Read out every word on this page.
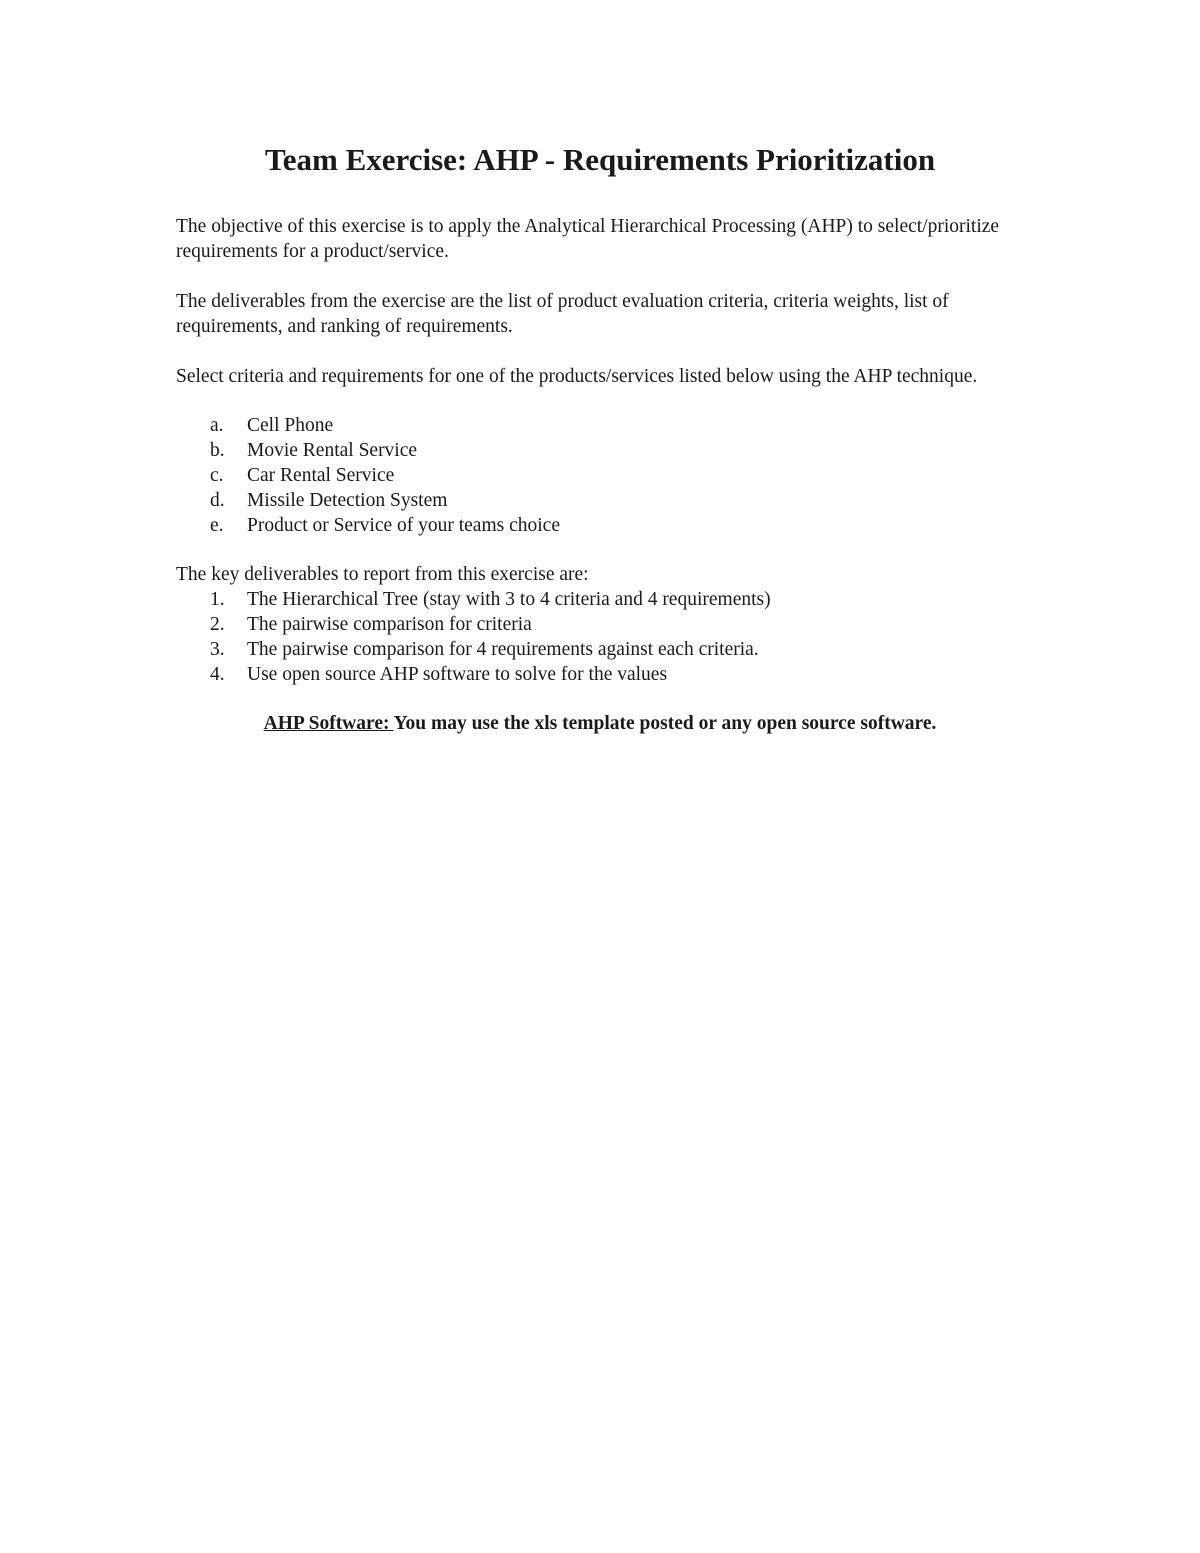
Team Exercise: AHP - Requirements Prioritization

The objective of this exercise is to apply the Analytical Hierarchical Processing (AHP) to select/prioritize requirements for a product/service.

The deliverables from the exercise are the list of product evaluation criteria, criteria weights, list of requirements, and ranking of requirements.

Select criteria and requirements for one of the products/services listed below using the AHP technique.

a.	Cell Phone
b.	Movie Rental Service
c.	Car Rental Service
d.	Missile Detection System
e.	Product or Service of your teams choice

The key deliverables to report from this exercise are:

1.	The Hierarchical Tree (stay with 3 to 4 criteria and 4 requirements)
2.	The pairwise comparison for criteria
3.	The pairwise comparison for 4 requirements against each criteria.
4.	Use open source AHP software to solve for the values

AHP Software: You may use the xls template posted or any open source software.
